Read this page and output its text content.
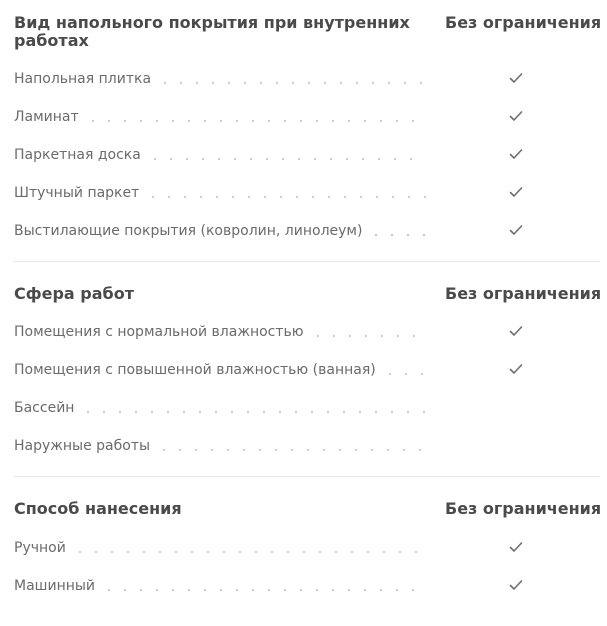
Вид напольного покрытия при внутренних работах
Без ограничения
Напольная плитка
Ламинат
Паркетная доска
Штучный паркет
Выстилающие покрытия (ковролин, линолеум)
Сфера работ	Без ограничения
Помещения с нормальной влажностью
Помещения с повышенной влажностью (ванная)
Бассейн
Наружные работы
Способ нанесения	Без ограничения
Ручной
Машинный
